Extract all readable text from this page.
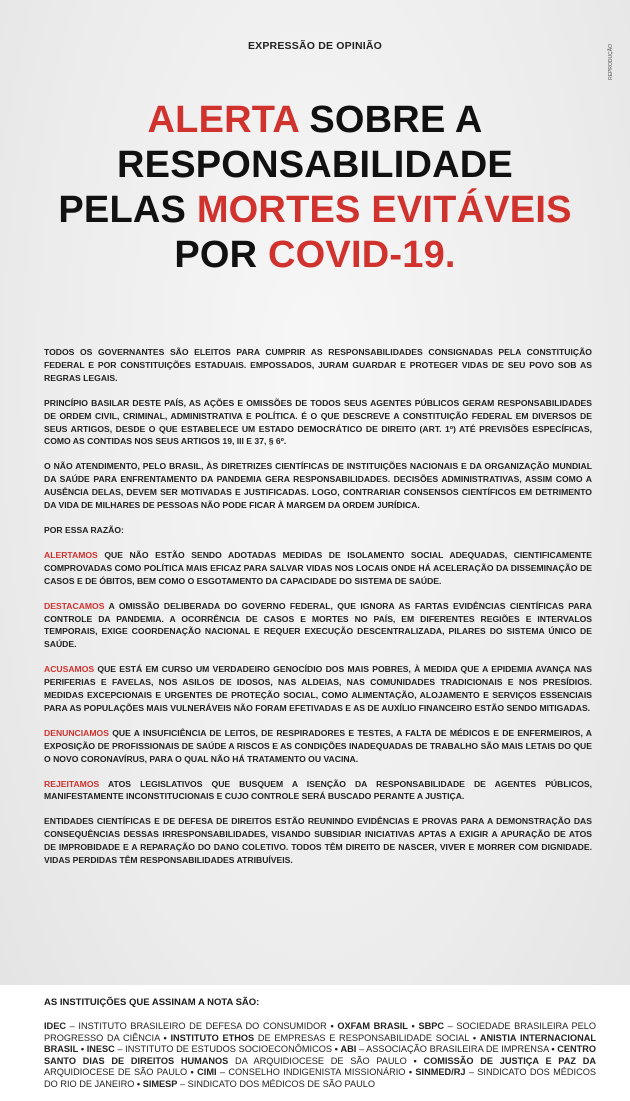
EXPRESSÃO DE OPINIÃO	REPRODUÇÃO
ALERTA SOBRE A
RESPONSABILIDADE
PELAS MORTES EVITÁVEIS
POR COVID-19.

TODOS OS GOVERNANTES SÃO ELEITOS PARA CUMPRIR AS RESPONSABILIDADES CONSIGNADAS PELA CONSTITUIÇÃO FEDERAL E POR CONSTITUIÇÕES ESTADUAIS. EMPOSSADOS, JURAM GUARDAR E PROTEGER VIDAS DE SEU POVO SOB AS REGRAS LEGAIS.

PRINCÍPIO BASILAR DESTE PAÍS, AS AÇÕES E OMISSÕES DE TODOS SEUS AGENTES PÚBLICOS GERAM RESPONSABILIDADES DE ORDEM CIVIL, CRIMINAL, ADMINISTRATIVA E POLÍTICA. É O QUE DESCREVE A CONSTITUIÇÃO FEDERAL EM DIVERSOS DE SEUS ARTIGOS, DESDE O QUE ESTABELECE UM ESTADO DEMOCRÁTICO DE DIREITO (ART. 1º) ATÉ PREVISÕES ESPECÍFICAS, COMO AS CONTIDAS NOS SEUS ARTIGOS 19, III E 37, § 6º.

O NÃO ATENDIMENTO, PELO BRASIL, ÀS DIRETRIZES CIENTÍFICAS DE INSTITUIÇÕES NACIONAIS E DA ORGANIZAÇÃO MUNDIAL DA SAÚDE PARA ENFRENTAMENTO DA PANDEMIA GERA RESPONSABILIDADES. DECISÕES ADMINISTRATIVAS, ASSIM COMO A AUSÊNCIA DELAS, DEVEM SER MOTIVADAS E JUSTIFICADAS. LOGO, CONTRARIAR CONSENSOS CIENTÍFICOS EM DETRIMENTO DA VIDA DE MILHARES DE PESSOAS NÃO PODE FICAR À MARGEM DA ORDEM JURÍDICA.

POR ESSA RAZÃO:

ALERTAMOS QUE NÃO ESTÃO SENDO ADOTADAS MEDIDAS DE ISOLAMENTO SOCIAL ADEQUADAS, CIENTIFICAMENTE COMPROVADAS COMO POLÍTICA MAIS EFICAZ PARA SALVAR VIDAS NOS LOCAIS ONDE HÁ ACELERAÇÃO DA DISSEMINAÇÃO DE CASOS E DE ÓBITOS, BEM COMO O ESGOTAMENTO DA CAPACIDADE DO SISTEMA DE SAÚDE.

DESTACAMOS A OMISSÃO DELIBERADA DO GOVERNO FEDERAL, QUE IGNORA AS FARTAS EVIDÊNCIAS CIENTÍFICAS PARA CONTROLE DA PANDEMIA. A OCORRÊNCIA DE CASOS E MORTES NO PAÍS, EM DIFERENTES REGIÕES E INTERVALOS TEMPORAIS, EXIGE COORDENAÇÃO NACIONAL E REQUER EXECUÇÃO DESCENTRALIZADA, PILARES DO SISTEMA ÚNICO DE SAÚDE.

ACUSAMOS QUE ESTÁ EM CURSO UM VERDADEIRO GENOCÍDIO DOS MAIS POBRES, À MEDIDA QUE A EPIDEMIA AVANÇA NAS PERIFERIAS E FAVELAS, NOS ASILOS DE IDOSOS, NAS ALDEIAS, NAS COMUNIDADES TRADICIONAIS E NOS PRESÍDIOS. MEDIDAS EXCEPCIONAIS E URGENTES DE PROTEÇÃO SOCIAL, COMO ALIMENTAÇÃO, ALOJAMENTO E SERVIÇOS ESSENCIAIS PARA AS POPULAÇÕES MAIS VULNERÁVEIS NÃO FORAM EFETIVADAS E AS DE AUXÍLIO FINANCEIRO ESTÃO SENDO MITIGADAS.

DENUNCIAMOS QUE A INSUFICIÊNCIA DE LEITOS, DE RESPIRADORES E TESTES, A FALTA DE MÉDICOS E DE ENFERMEIROS, A EXPOSIÇÃO DE PROFISSIONAIS DE SAÚDE A RISCOS E AS CONDIÇÕES INADEQUADAS DE TRABALHO SÃO MAIS LETAIS DO QUE O NOVO CORONAVÍRUS, PARA O QUAL NÃO HÁ TRATAMENTO OU VACINA.

REJEITAMOS ATOS LEGISLATIVOS QUE BUSQUEM A ISENÇÃO DA RESPONSABILIDADE DE AGENTES PÚBLICOS, MANIFESTAMENTE INCONSTITUCIONAIS E CUJO CONTROLE SERÁ BUSCADO PERANTE A JUSTIÇA.

ENTIDADES CIENTÍFICAS E DE DEFESA DE DIREITOS ESTÃO REUNINDO EVIDÊNCIAS E PROVAS PARA A DEMONSTRAÇÃO DAS CONSEQUÊNCIAS DESSAS IRRESPONSABILIDADES, VISANDO SUBSIDIAR INICIATIVAS APTAS A EXIGIR A APURAÇÃO DE ATOS DE IMPROBIDADE E A REPARAÇÃO DO DANO COLETIVO. TODOS TÊM DIREITO DE NASCER, VIVER E MORRER COM DIGNIDADE. VIDAS PERDIDAS TÊM RESPONSABILIDADES ATRIBUÍVEIS.

AS INSTITUIÇÕES QUE ASSINAM A NOTA SÃO:
IDEC – INSTITUTO BRASILEIRO DE DEFESA DO CONSUMIDOR • OXFAM BRASIL • SBPC – SOCIEDADE BRASILEIRA PELO PROGRESSO DA CIÊNCIA • INSTITUTO ETHOS DE EMPRESAS E RESPONSABILIDADE SOCIAL • ANISTIA INTERNACIONAL BRASIL • INESC – INSTITUTO DE ESTUDOS SOCIOECONÔMICOS • ABI – ASSOCIAÇÃO BRASILEIRA DE IMPRENSA • CENTRO SANTO DIAS DE DIREITOS HUMANOS DA ARQUIDIOCESE DE SÃO PAULO • COMISSÃO DE JUSTIÇA E PAZ DA ARQUIDIOCESE DE SÃO PAULO • CIMI – CONSELHO INDIGENISTA MISSIONÁRIO • SINMED/RJ – SINDICATO DOS MÉDICOS DO RIO DE JANEIRO • SIMESP – SINDICATO DOS MÉDICOS DE SÃO PAULO
